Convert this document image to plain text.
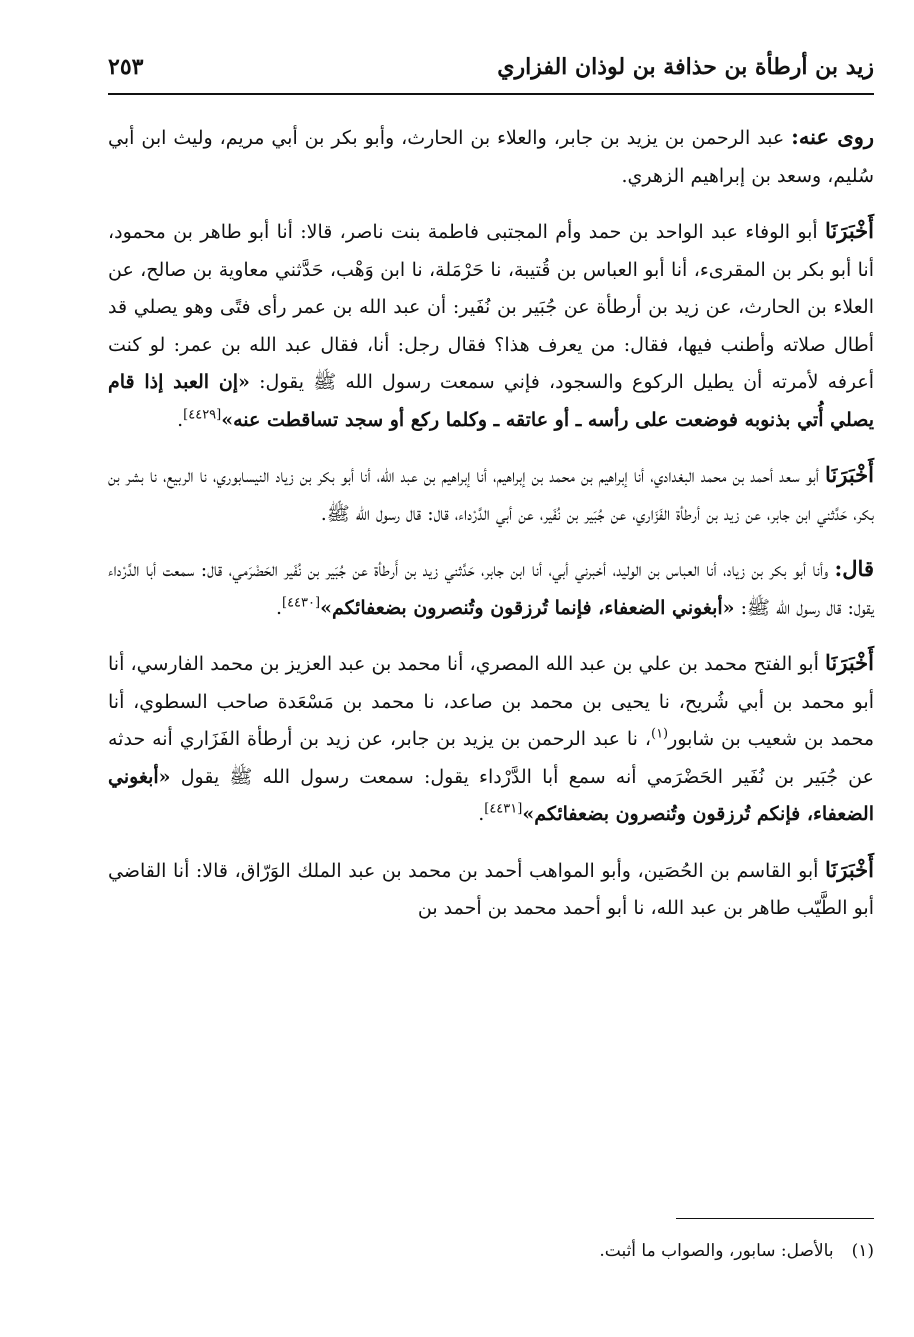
زيد بن أرطأة بن حذافة بن لوذان الفزاري
٢٥٣

روى عنه: عبد الرحمن بن يزيد بن جابر، والعلاء بن الحارث، وأبو بكر بن أبي مريم، وليث ابن أبي سُليم، وسعد بن إبراهيم الزهري.

أَخْبَرَنَا أبو الوفاء عبد الواحد بن حمد وأم المجتبى فاطمة بنت ناصر، قالا: أنا أبو طاهر بن محمود، أنا أبو بكر بن المقرىء، أنا أبو العباس بن قُتيبة، نا حَرْمَلة، نا ابن وَهْب، حَدَّثني معاوية بن صالح، عن العلاء بن الحارث، عن زيد بن أرطأة عن جُبَير بن نُفَير: أن عبد الله بن عمر رأى فتًى وهو يصلي قد أطال صلاته وأطنب فيها، فقال: من يعرف هذا؟ فقال رجل: أنا، فقال عبد الله بن عمر: لو كنت أعرفه لأمرته أن يطيل الركوع والسجود، فإني سمعت رسول الله ﷺ يقول: «إن العبد إذا قام يصلي أُتي بذنوبه فوضعت على رأسه ـ أو عاتقه ـ وكلما ركع أو سجد تساقطت عنه»[٤٤٢٩].

أَخْبَرَنَا أبو سعد أحمد بن محمد البغدادي، أنا إبراهيم بن محمد بن إبراهيم، أنا إبراهيم بن عبد الله، أنا أبو بكر بن زياد النيسابوري، نا الربيع، نا بشر بن بكر، حَدَّثني ابن جابر، عن زيد بن أرطأة الفَزَاري، عن جُبَير بن نُفَير، عن أبي الدَّرْداء، قال: قال رسول الله ﷺ.

قال: وأنا أبو بكر بن زياد، أنا العباس بن الوليد، أخبرني أبي، أنا ابن جابر، حَدَّثني زيد بن أَرطأة عن جُبَير بن نُفَير الحَضْرَمي، قال: سمعت أبا الدَّرْداء يقول: قال رسول الله ﷺ: «أبغوني الضعفاء، فإنما تُرزقون وتُنصرون بضعفائكم»[٤٤٣٠].

أَخْبَرَنَا أبو الفتح محمد بن علي بن عبد الله المصري، أنا محمد بن عبد العزيز بن محمد الفارسي، أنا أبو محمد بن أبي شُريح، نا يحيى بن محمد بن صاعد، نا محمد بن مَسْعَدة صاحب السطوي، أنا محمد بن شعيب بن شابور$^{(١)}$، نا عبد الرحمن بن يزيد بن جابر، عن زيد بن أرطأة الفَزَاري أنه حدثه عن جُبَير بن نُفَير الحَضْرَمي أنه سمع أبا الدَّرْداء يقول: سمعت رسول الله ﷺ يقول «أبغوني الضعفاء، فإنكم تُرزقون وتُنصرون بضعفائكم»[٤٤٣١].

أَخْبَرَنَا أبو القاسم بن الحُصَين، وأبو المواهب أحمد بن محمد بن عبد الملك الوَرّاق، قالا: أنا القاضي أبو الطَّيّب طاهر بن عبد الله، نا أبو أحمد محمد بن أحمد بن

(١)بالأصل: سابور، والصواب ما أثبت.
